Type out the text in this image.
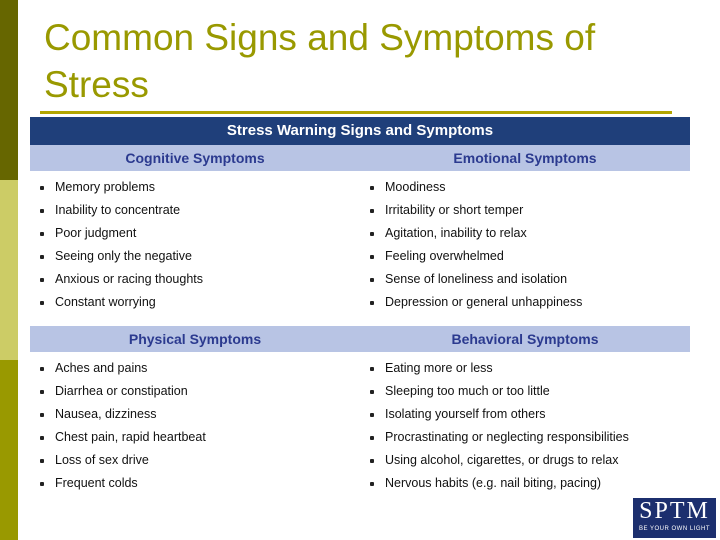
Common Signs and Symptoms of
Stress
Stress Warning Signs and Symptoms
Cognitive Symptoms	Emotional Symptoms
Memory problems
Inability to concentrate
Poor judgment
Seeing only the negative
Anxious or racing thoughts
Constant worrying
Moodiness
Irritability or short temper
Agitation, inability to relax
Feeling overwhelmed
Sense of loneliness and isolation
Depression or general unhappiness
Physical Symptoms	Behavioral Symptoms
Aches and pains
Diarrhea or constipation
Nausea, dizziness
Chest pain, rapid heartbeat
Loss of sex drive
Frequent colds
Eating more or less
Sleeping too much or too little
Isolating yourself from others
Procrastinating or neglecting responsibilities
Using alcohol, cigarettes, or drugs to relax
Nervous habits (e.g. nail biting, pacing)
SPTM
BE YOUR OWN LIGHT
